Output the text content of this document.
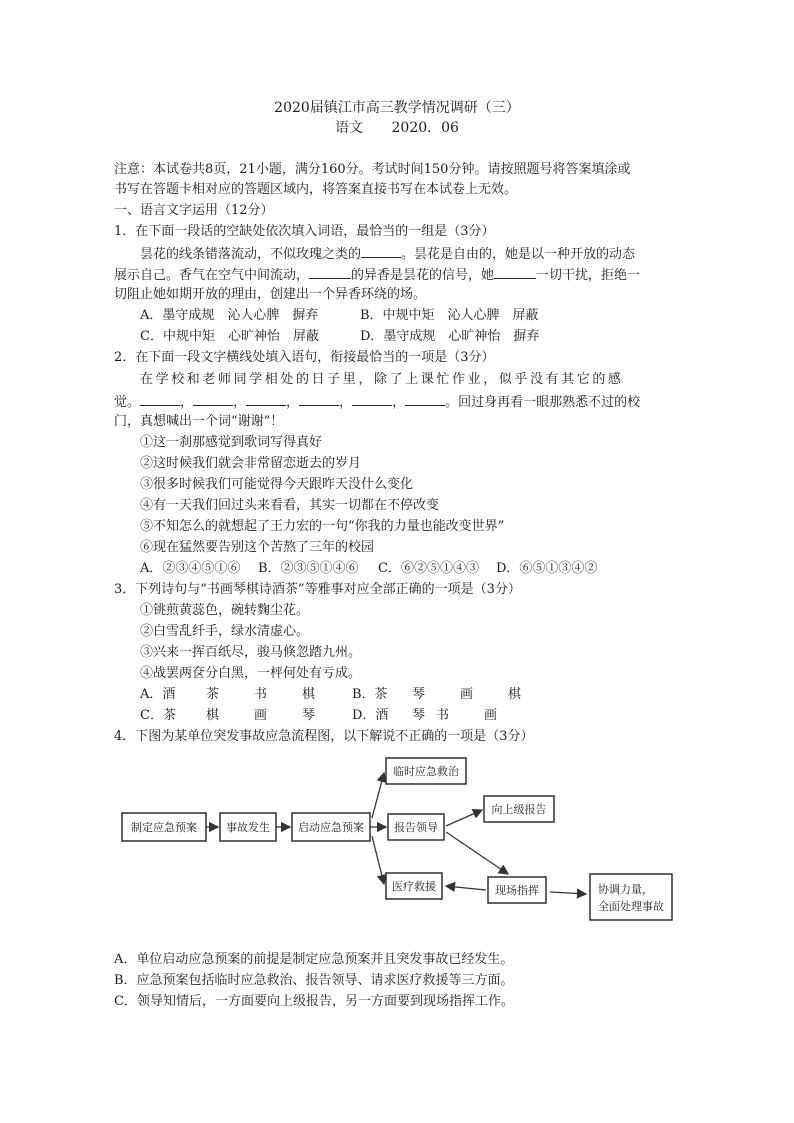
2020届镇江市高三教学情况调研（三）
语文 2020．06
注意：本试卷共8页，21小题，满分160分。考试时间150分钟。请按照题号将答案填涂或
书写在答题卡相对应的答题区域内，将答案直接书写在本试卷上无效。
一、语言文字运用（12分）
1．在下面一段话的空缺处依次填入词语，最恰当的一组是（3分）
昙花的线条错落流动，不似玫瑰之类的	。昙花是自由的，她是以一种开放的动态
展示自己。香气在空气中间流动，	的异香是昙花的信号，她	一切干扰，拒绝一
切阻止她如期开放的理由，创建出一个异香环绕的场。
A．墨守成规　沁人心脾　摒弃	B．中规中矩　沁人心脾　屏蔽
C．中规中矩　心旷神怡　屏蔽	D．墨守成规　心旷神怡　摒弃
2．在下面一段文字横线处填入语句，衔接最恰当的一项是（3分）
在学校和老师同学相处的日子里，除了上课忙作业，似乎没有其它的感
觉。	，	，	，	，	，	。回过身再看一眼那熟悉不过的校
门，真想喊出一个词“谢谢”！
①这一刹那感觉到歌词写得真好
②这时候我们就会非常留恋逝去的岁月
③很多时候我们可能觉得今天跟昨天没什么变化
④有一天我们回过头来看看，其实一切都在不停改变
⑤不知怎么的就想起了王力宏的一句“你我的力量也能改变世界”
⑥现在猛然要告别这个苦熬了三年的校园
A．②③④⑤①⑥ B．②③⑤①④⑥ C．⑥②⑤①④③ D．⑥⑤①③④②
3．下列诗句与“书画琴棋诗酒茶”等雅事对应全部正确的一项是（3分）
①铫煎黄蕊色，碗转麴尘花。
②白雪乱纤手，绿水清虚心。
③兴来一挥百纸尽，骏马倏忽踏九州。
④战罢两奁分白黑，一枰何处有亏成。
A．酒 茶	书	棋	B．茶 琴	画	棋
C．茶 棋	画	琴	D．酒 琴 书	画
4．下图为某单位突发事故应急流程图，以下解说不正确的一项是（3分）
制定应急预案	事故发生	启动应急预案
临时应急救治
报告领导
医疗救援
向上级报告
现场指挥	协调力量，
全面处理事故
A．单位启动应急预案的前提是制定应急预案并且突发事故已经发生。
B．应急预案包括临时应急救治、报告领导、请求医疗救援等三方面。
C．领导知情后，一方面要向上级报告，另一方面要到现场指挥工作。
